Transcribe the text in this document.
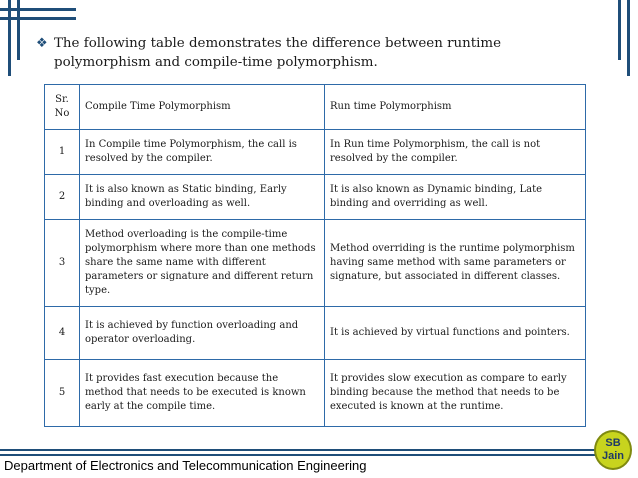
❖ The following table demonstrates the difference between runtime polymorphism and compile-time polymorphism.
Sr. No	Compile Time Polymorphism	Run time Polymorphism
1	In Compile time Polymorphism, the call is resolved by the compiler.	In Run time Polymorphism, the call is not resolved by the compiler.
2	It is also known as Static binding, Early binding and overloading as well.	It is also known as Dynamic binding, Late binding and overriding as well.
3	Method overloading is the compile-time polymorphism where more than one methods share the same name with different parameters or signature and different return type.	Method overriding is the runtime polymorphism having same method with same parameters or signature, but associated in different classes.
4	It is achieved by function overloading and operator overloading.	It is achieved by virtual functions and pointers.
5	It provides fast execution because the method that needs to be executed is known early at the compile time.	It provides slow execution as compare to early binding because the method that needs to be executed is known at the runtime.
Department of Electronics and Telecommunication Engineering
SB
Jain
